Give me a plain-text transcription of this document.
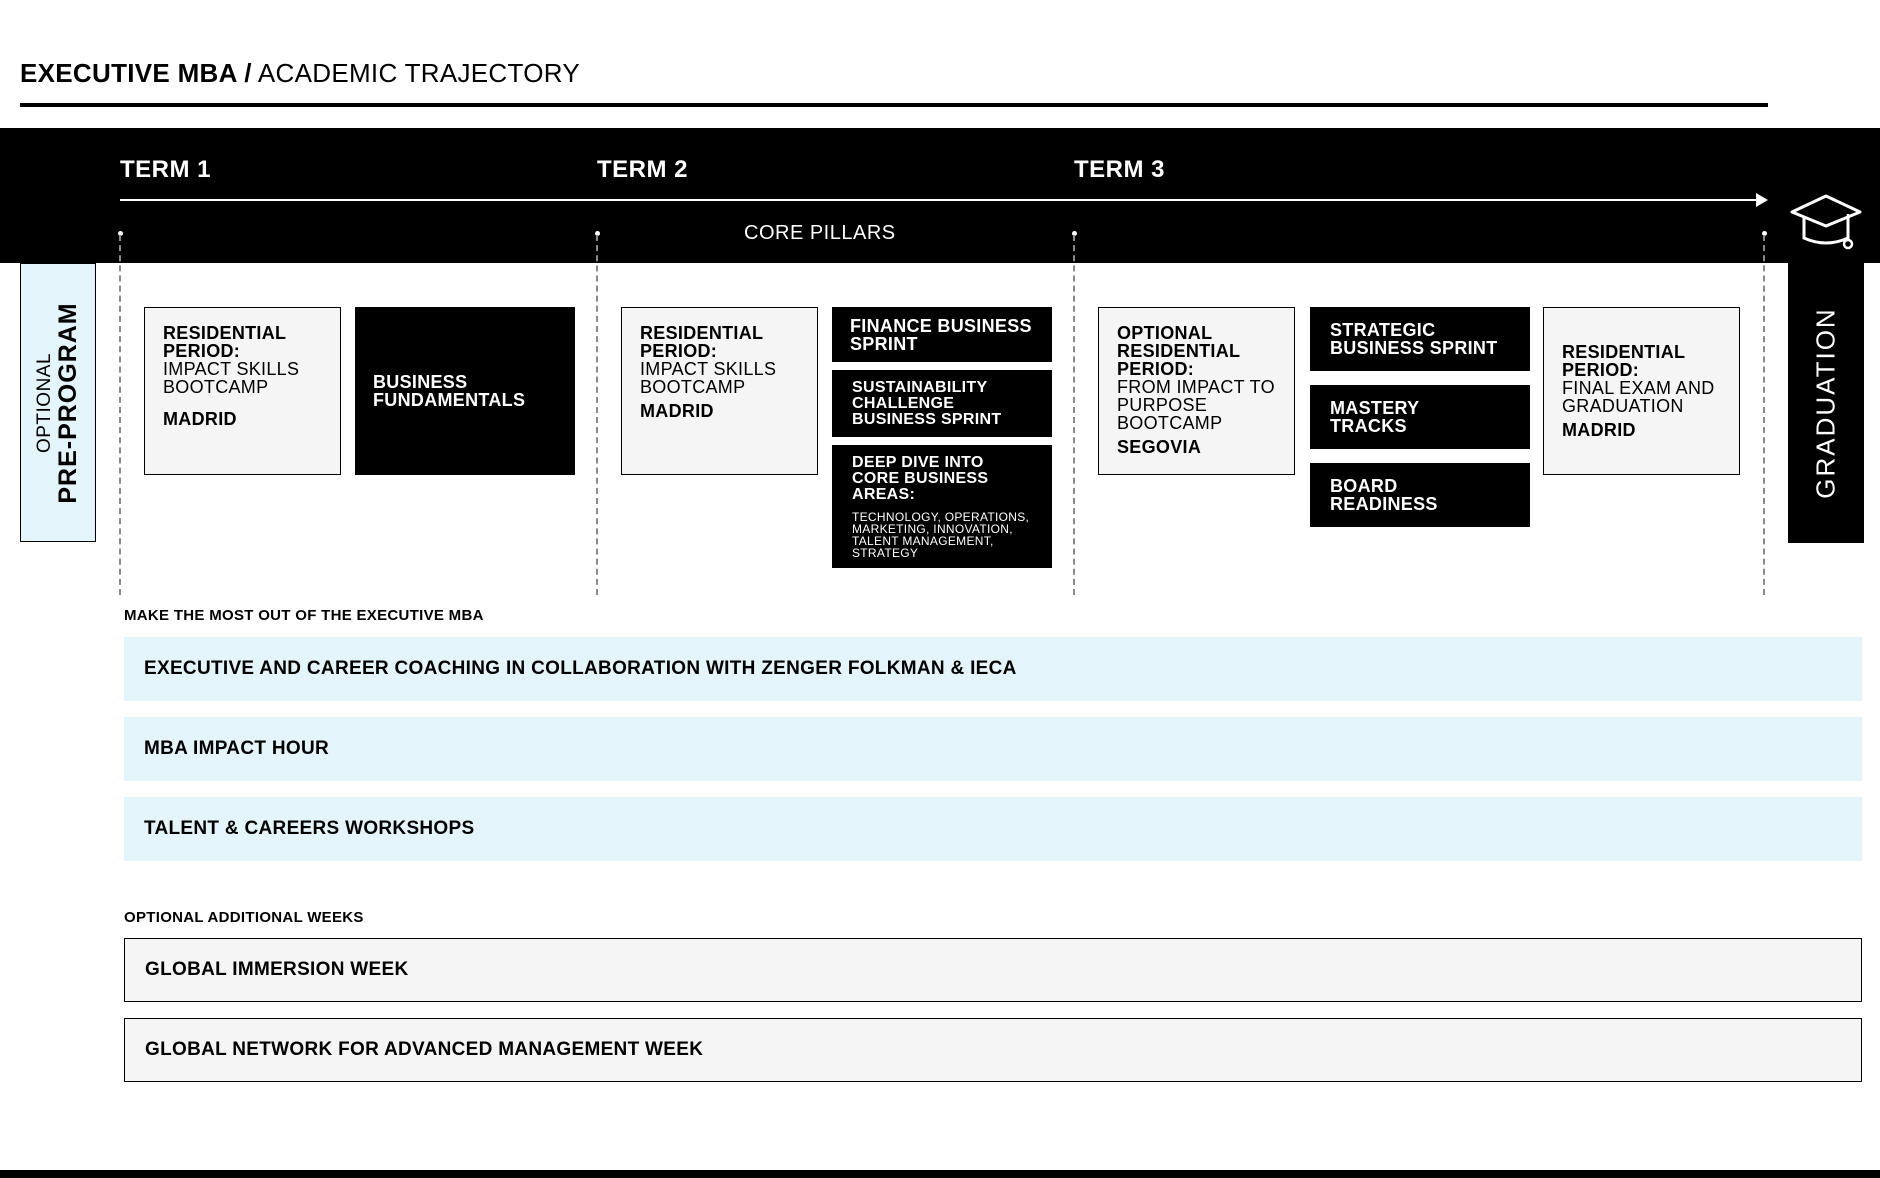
EXECUTIVE MBA / ACADEMIC TRAJECTORY
TERM 1	TERM 2	TERM 3
CORE PILLARS
OPTIONAL
PRE-PROGRAM	GRADUATION
RESIDENTIAL PERIOD:
IMPACT SKILLS BOOTCAMP
MADRID
BUSINESS FUNDAMENTALS
RESIDENTIAL PERIOD:
IMPACT SKILLS BOOTCAMP
MADRID
FINANCE BUSINESS SPRINT
SUSTAINABILITY CHALLENGE BUSINESS SPRINT
DEEP DIVE INTO CORE BUSINESS AREAS:
TECHNOLOGY, OPERATIONS, MARKETING, INNOVATION, TALENT MANAGEMENT, STRATEGY
OPTIONAL RESIDENTIAL PERIOD:
FROM IMPACT TO PURPOSE BOOTCAMP
SEGOVIA
STRATEGIC BUSINESS SPRINT
MASTERY TRACKS
BOARD READINESS
RESIDENTIAL PERIOD:
FINAL EXAM AND GRADUATION
MADRID
MAKE THE MOST OUT OF THE EXECUTIVE MBA
EXECUTIVE AND CAREER COACHING IN COLLABORATION WITH ZENGER FOLKMAN & IECA
MBA IMPACT HOUR
TALENT & CAREERS WORKSHOPS
OPTIONAL ADDITIONAL WEEKS
GLOBAL IMMERSION WEEK
GLOBAL NETWORK FOR ADVANCED MANAGEMENT WEEK
